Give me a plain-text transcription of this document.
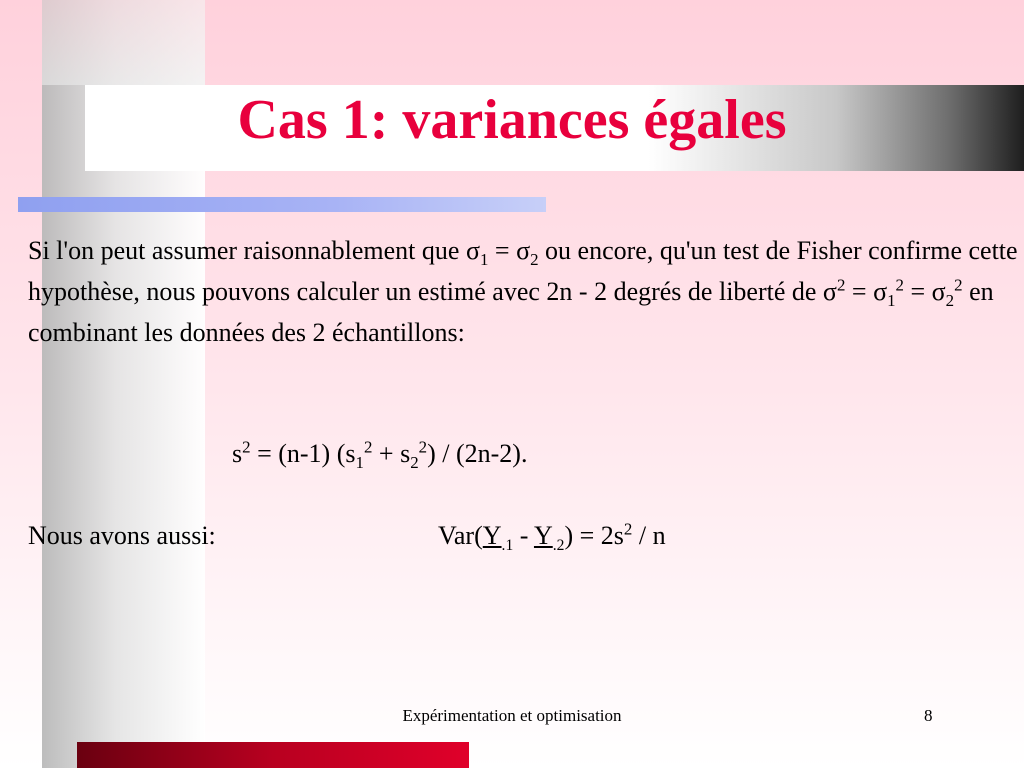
Cas 1: variances égales
Si l'on peut assumer raisonnablement que $\sigma_1 = \sigma_2$ ou encore, qu'un test de Fisher confirme cette hypothèse, nous pouvons calculer un estimé avec 2n - 2 degrés de liberté de $\sigma^2 = \sigma_1^2 = \sigma_2^2$ en combinant les données des 2 échantillons:
$s^2 = (n-1) (s_1^2 + s_2^2) / (2n-2)$.
Nous avons aussi:	$Var(Y_{.1} - Y_{.2}) = 2s^2 / n$
Expérimentation et optimisation	8
